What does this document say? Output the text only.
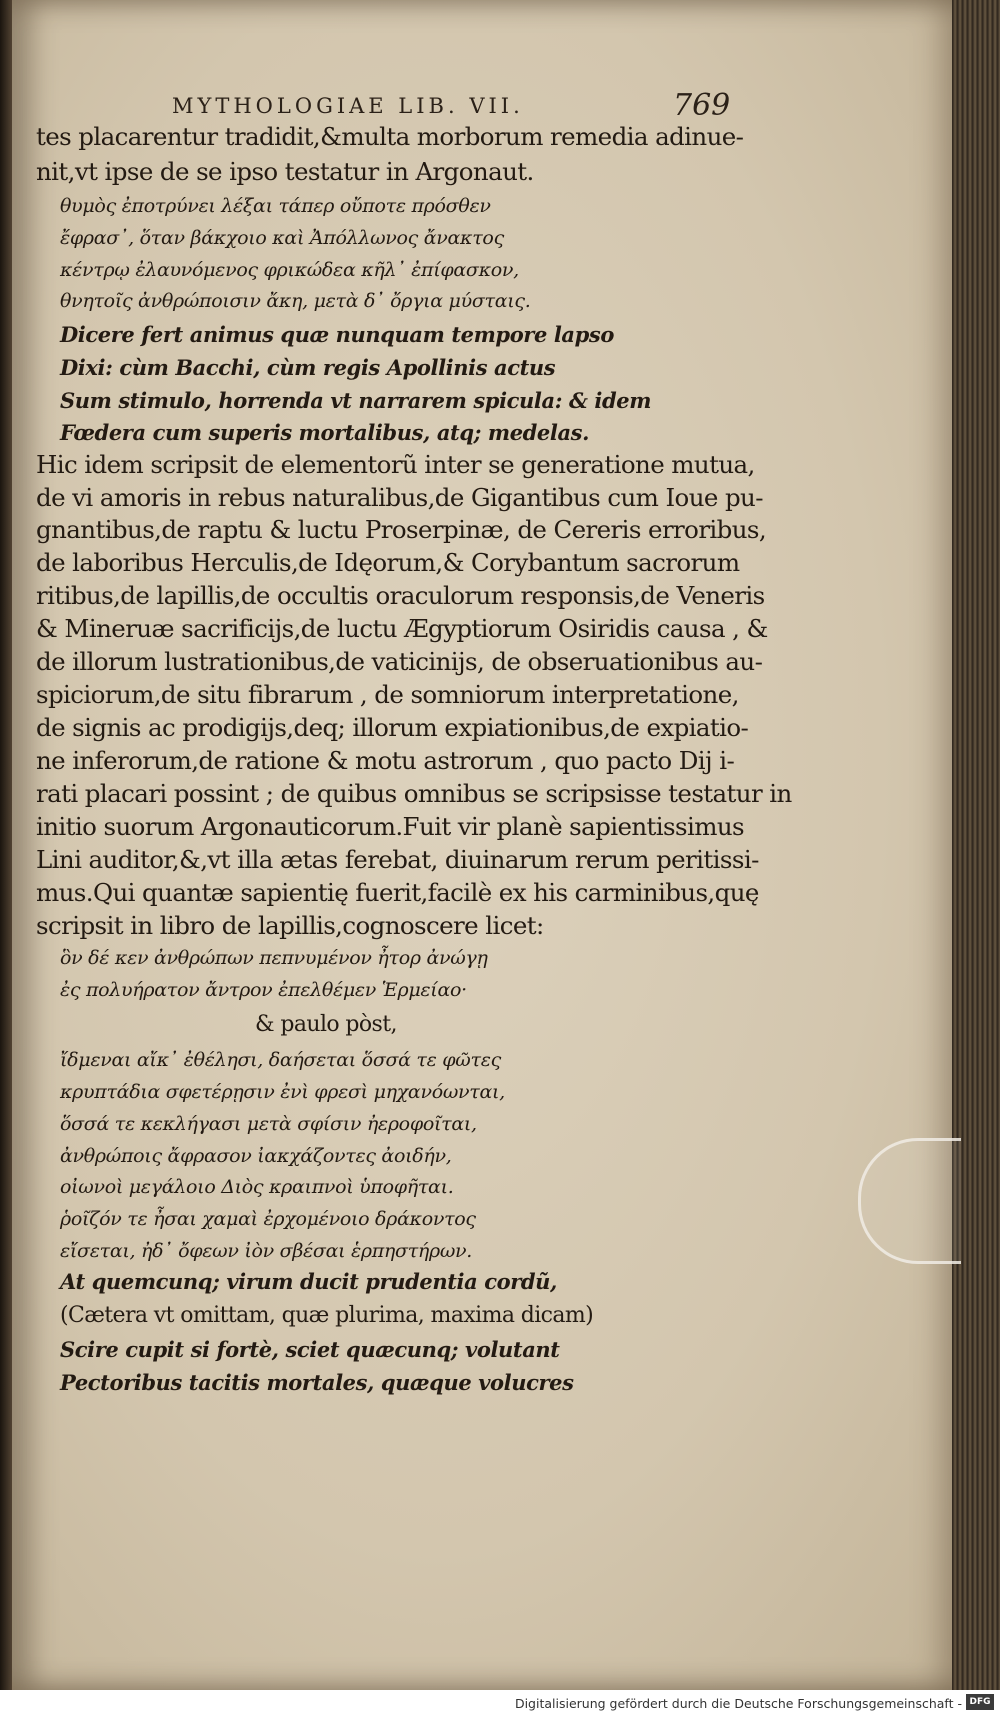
MYTHOLOGIAE LIB. VII.	769
tes placarentur tradidit,&multa morborum remedia adinue-
nit,vt ipse de se ipso testatur in Argonaut.
θυμὸς ἐποτρύνει λέξαι τάπερ οὔποτε πρόσθεν
ἔφρασ᾽, ὅταν βάκχοιο καὶ Ἀπόλλωνος ἄνακτος
κέντρῳ ἐλαυνόμενος φρικώδεα κῆλ᾽ ἐπίφασκον,
θνητοῖς ἀνθρώποισιν ἄκη, μετὰ δ᾽ ὄργια μύσταις.
Dicere fert animus quæ nunquam tempore lapso
Dixi: cùm Bacchi, cùm regis Apollinis actus
Sum stimulo, horrenda vt narrarem spicula: & idem
Fœdera cum superis mortalibus, atq; medelas.
Hic idem scripsit de elementorũ inter se generatione mutua,
de vi amoris in rebus naturalibus,de Gigantibus cum Ioue pu-
gnantibus,de raptu & luctu Proserpinæ, de Cereris erroribus,
de laboribus Herculis,de Idęorum,& Corybantum sacrorum
ritibus,de lapillis,de occultis oraculorum responsis,de Veneris
& Mineruæ sacrificijs,de luctu Ægyptiorum Osiridis causa , &
de illorum lustrationibus,de vaticinijs, de obseruationibus au-
spiciorum,de situ fibrarum , de somniorum interpretatione,
de signis ac prodigijs,deq; illorum expiationibus,de expiatio-
ne inferorum,de ratione & motu astrorum , quo pacto Dij i-
rati placari possint ; de quibus omnibus se scripsisse testatur in
initio suorum Argonauticorum.Fuit vir planè sapientissimus
Lini auditor,&,vt illa ætas ferebat, diuinarum rerum peritissi-
mus.Qui quantæ sapientię fuerit,facilè ex his carminibus,quę
scripsit in libro de lapillis,cognoscere licet:
ὃν δέ κεν ἀνθρώπων πεπνυμένον ἦτορ ἀνώγῃ
ἐς πολυήρατον ἄντρον ἐπελθέμεν Ἑρμείαο·
& paulo pòst,
ἴδμεναι αἴκ᾽ ἐθέλησι, δαήσεται ὅσσά τε φῶτες
κρυπτάδια σφετέρῃσιν ἐνὶ φρεσὶ μηχανόωνται,
ὅσσά τε κεκλήγασι μετὰ σφίσιν ἠεροφοῖται,
ἀνθρώποις ἄφρασον ἰακχάζοντες ἀοιδήν,
οἰωνοὶ μεγάλοιο Διὸς κραιπνοὶ ὑποφῆται.
ῥοῖζόν τε ἦσαι χαμαὶ ἐρχομένοιο δράκοντος
εἴσεται, ἠδ᾽ ὄφεων ἰὸν σβέσαι ἑρπηστήρων.
At quemcunq; virum ducit prudentia cordũ,
(Cætera vt omittam, quæ plurima, maxima dicam)
Scire cupit si fortè, sciet quæcunq; volutant
Pectoribus tacitis mortales, quæque volucres
Digitalisierung gefördert durch die Deutsche Forschungsgemeinschaft - DFG
